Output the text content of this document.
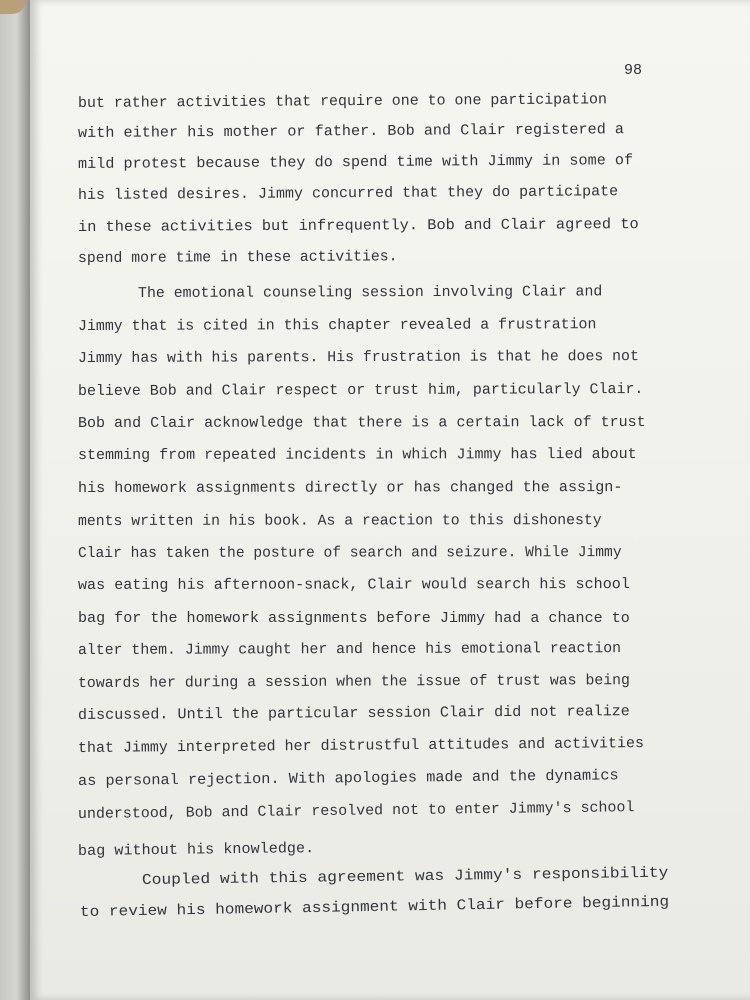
98
but rather activities that require one to one participation
with either his mother or father. Bob and Clair registered a
mild protest because they do spend time with Jimmy in some of
his listed desires. Jimmy concurred that they do participate
in these activities but infrequently. Bob and Clair agreed to
spend more time in these activities.
The emotional counseling session involving Clair and
Jimmy that is cited in this chapter revealed a frustration
Jimmy has with his parents. His frustration is that he does not
believe Bob and Clair respect or trust him, particularly Clair.
Bob and Clair acknowledge that there is a certain lack of trust
stemming from repeated incidents in which Jimmy has lied about
his homework assignments directly or has changed the assign-
ments written in his book. As a reaction to this dishonesty
Clair has taken the posture of search and seizure. While Jimmy
was eating his afternoon-snack, Clair would search his school
bag for the homework assignments before Jimmy had a chance to
alter them. Jimmy caught her and hence his emotional reaction
towards her during a session when the issue of trust was being
discussed. Until the particular session Clair did not realize
that Jimmy interpreted her distrustful attitudes and activities
as personal rejection. With apologies made and the dynamics
understood, Bob and Clair resolved not to enter Jimmy's school
bag without his knowledge.
Coupled with this agreement was Jimmy's responsibility
to review his homework assignment with Clair before beginning
